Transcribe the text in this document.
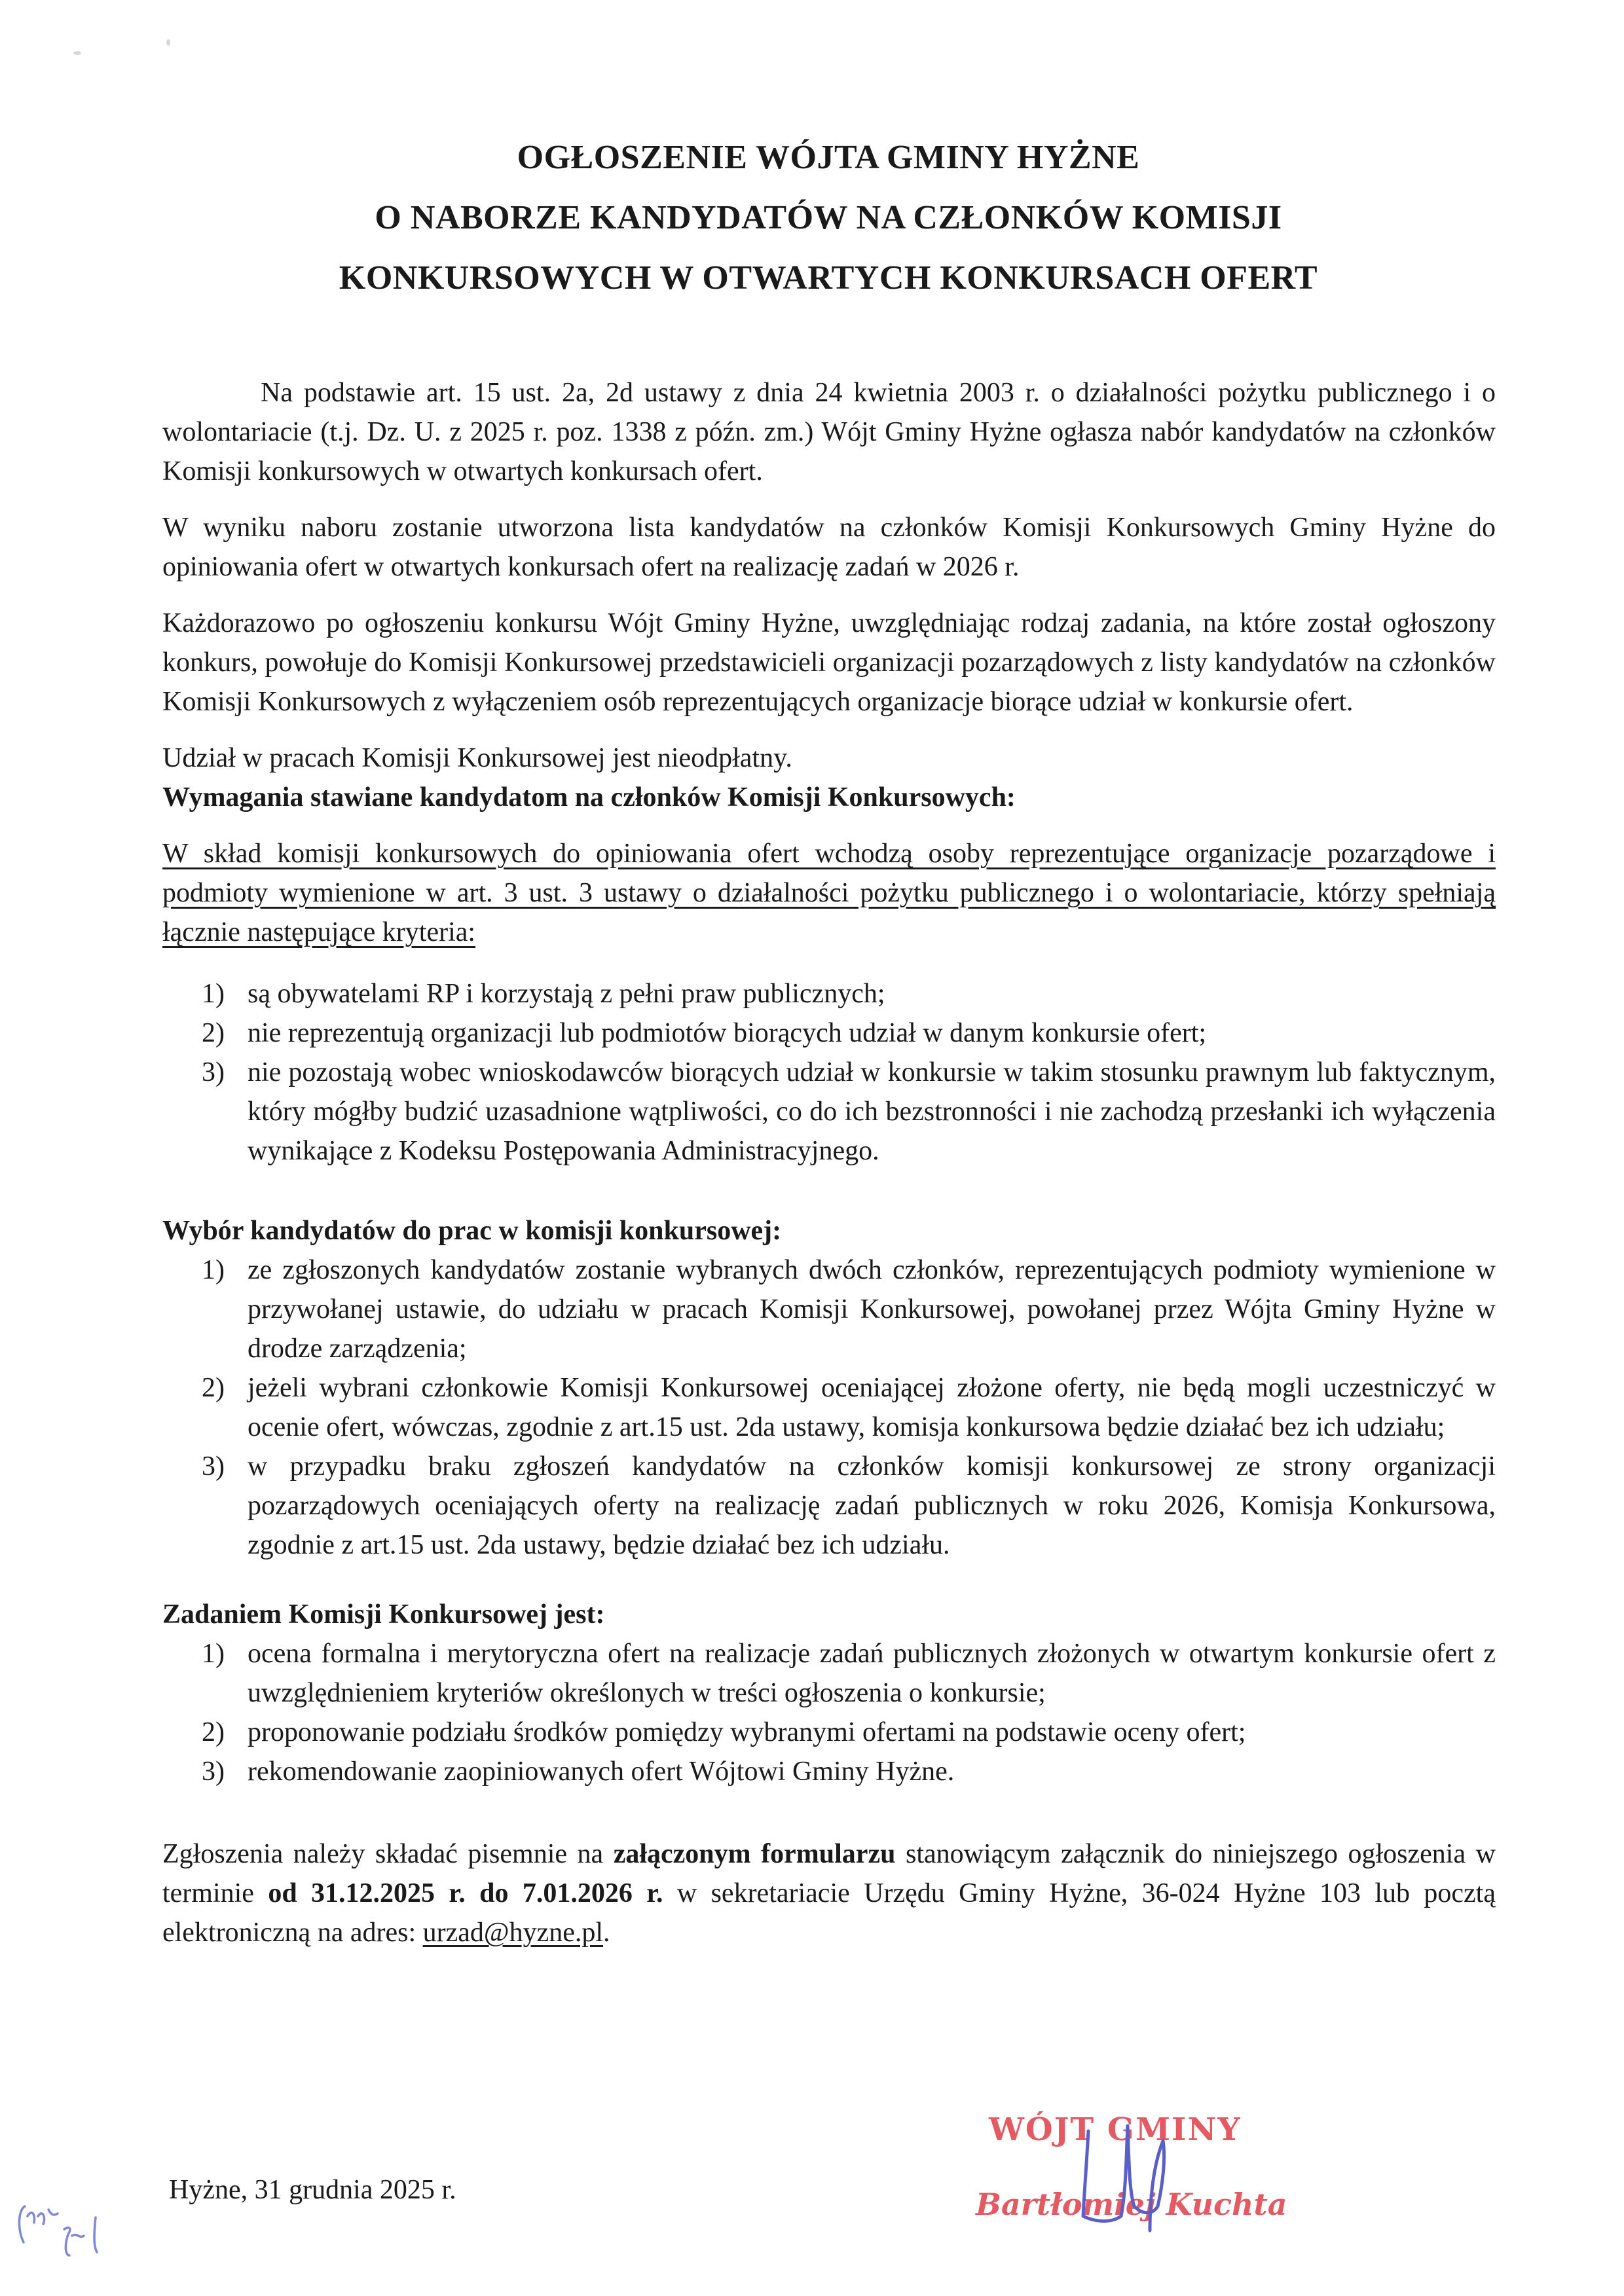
OGŁOSZENIE WÓJTA GMINY HYŻNE
O NABORZE KANDYDATÓW NA CZŁONKÓW KOMISJI
KONKURSOWYCH W OTWARTYCH KONKURSACH OFERT

Na podstawie art. 15 ust. 2a, 2d ustawy z dnia 24 kwietnia 2003 r. o działalności pożytku publicznego i o wolontariacie (t.j. Dz. U. z 2025 r. poz. 1338 z późn. zm.) Wójt Gminy Hyżne ogłasza nabór kandydatów na członków Komisji konkursowych w otwartych konkursach ofert.

W wyniku naboru zostanie utworzona lista kandydatów na członków Komisji Konkursowych Gminy Hyżne do opiniowania ofert w otwartych konkursach ofert na realizację zadań w 2026 r.

Każdorazowo po ogłoszeniu konkursu Wójt Gminy Hyżne, uwzględniając rodzaj zadania, na które został ogłoszony konkurs, powołuje do Komisji Konkursowej przedstawicieli organizacji pozarządowych z listy kandydatów na członków Komisji Konkursowych z wyłączeniem osób reprezentujących organizacje biorące udział w konkursie ofert.

Udział w pracach Komisji Konkursowej jest nieodpłatny.

Wymagania stawiane kandydatom na członków Komisji Konkursowych:

W skład komisji konkursowych do opiniowania ofert wchodzą osoby reprezentujące organizacje pozarządowe i podmioty wymienione w art. 3 ust. 3 ustawy o działalności pożytku publicznego i o wolontariacie, którzy spełniają łącznie następujące kryteria:

1) są obywatelami RP i korzystają z pełni praw publicznych;
2) nie reprezentują organizacji lub podmiotów biorących udział w danym konkursie ofert;
3) nie pozostają wobec wnioskodawców biorących udział w konkursie w takim stosunku prawnym lub faktycznym, który mógłby budzić uzasadnione wątpliwości, co do ich bezstronności i nie zachodzą przesłanki ich wyłączenia wynikające z Kodeksu Postępowania Administracyjnego.

Wybór kandydatów do prac w komisji konkursowej:

1) ze zgłoszonych kandydatów zostanie wybranych dwóch członków, reprezentujących podmioty wymienione w przywołanej ustawie, do udziału w pracach Komisji Konkursowej, powołanej przez Wójta Gminy Hyżne w drodze zarządzenia;
2) jeżeli wybrani członkowie Komisji Konkursowej oceniającej złożone oferty, nie będą mogli uczestniczyć w ocenie ofert, wówczas, zgodnie z art.15 ust. 2da ustawy, komisja konkursowa będzie działać bez ich udziału;
3) w przypadku braku zgłoszeń kandydatów na członków komisji konkursowej ze strony organizacji pozarządowych oceniających oferty na realizację zadań publicznych w roku 2026, Komisja Konkursowa, zgodnie z art.15 ust. 2da ustawy, będzie działać bez ich udziału.

Zadaniem Komisji Konkursowej jest:

1) ocena formalna i merytoryczna ofert na realizacje zadań publicznych złożonych w otwartym konkursie ofert z uwzględnieniem kryteriów określonych w treści ogłoszenia o konkursie;
2) proponowanie podziału środków pomiędzy wybranymi ofertami na podstawie oceny ofert;
3) rekomendowanie zaopiniowanych ofert Wójtowi Gminy Hyżne.

Zgłoszenia należy składać pisemnie na załączonym formularzu stanowiącym załącznik do niniejszego ogłoszenia w terminie od 31.12.2025 r. do 7.01.2026 r. w sekretariacie Urzędu Gminy Hyżne, 36-024 Hyżne 103 lub pocztą elektroniczną na adres: urzad@hyzne.pl.

Hyżne, 31 grudnia 2025 r.
WÓJT GMINY
Bartłomiej Kuchta
